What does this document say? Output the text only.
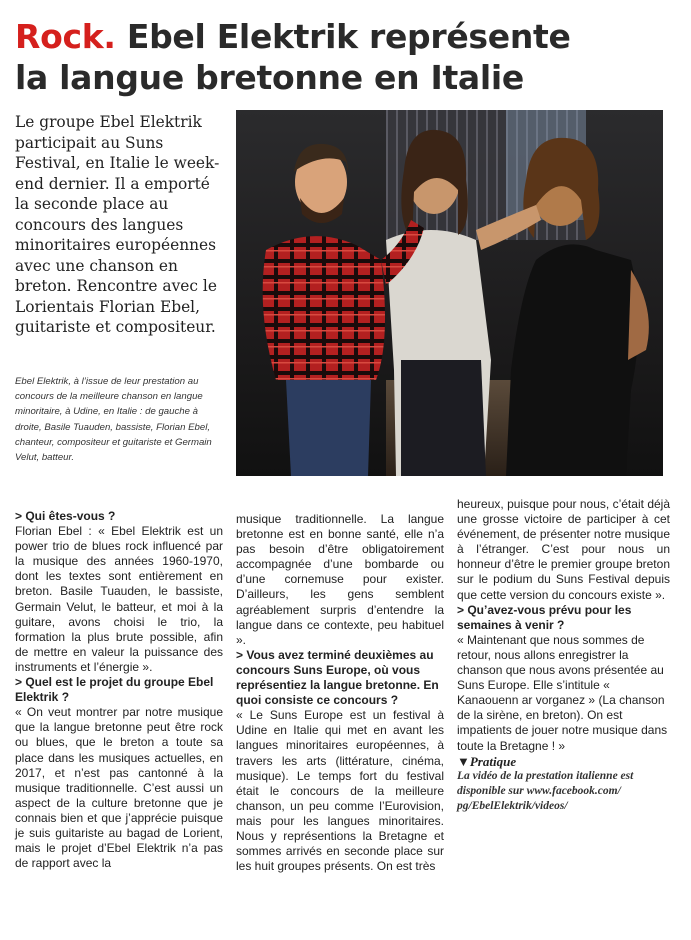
Rock. Ebel Elektrik représente
la langue bretonne en Italie
Le groupe Ebel Elektrik participait au Suns Festival, en Italie le week-end dernier. Il a emporté la seconde place au concours des langues minoritaires européennes avec une chanson en breton. Rencontre avec le Lorientais Florian Ebel, guitariste et compositeur.
Ebel Elektrik, à l’issue de leur prestation au concours de la meilleure chanson en langue minoritaire, à Udine, en Italie : de gauche à droite, Basile Tuauden, bassiste, Florian Ebel, chanteur, compositeur et guitariste et Germain Velut, batteur.

> Qui êtes-vous ?

Florian Ebel : « Ebel Elektrik est un power trio de blues rock influencé par la musique des années 1960-1970, dont les textes sont entièrement en breton. Basile Tuauden, le bassiste, Germain Velut, le batteur, et moi à la guitare, avons choisi le trio, la formation la plus brute possible, afin de mettre en valeur la puissance des instruments et l’énergie ».

> Quel est le projet du groupe Ebel Elektrik ?

« On veut montrer par notre musique que la langue bretonne peut être rock ou blues, que le breton a toute sa place dans les musiques actuelles, en 2017, et n’est pas cantonné à la musique traditionnelle. C’est aussi un aspect de la culture bretonne que je connais bien et que j’apprécie puisque je suis guitariste au bagad de Lorient, mais le projet d’Ebel Elektrik n’a pas de rapport avec la

musique traditionnelle. La langue bretonne est en bonne santé, elle n’a pas besoin d’être obligatoirement accompagnée d’une bombarde ou d’une cornemuse pour exister. D’ailleurs, les gens semblent agréablement surpris d’entendre la langue dans ce contexte, peu habituel ».

> Vous avez terminé deuxièmes au concours Suns Europe, où vous représentiez la langue bretonne. En quoi consiste ce concours ?

« Le Suns Europe est un festival à Udine en Italie qui met en avant les langues minoritaires européennes, à travers les arts (littérature, cinéma, musique). Le temps fort du festival était le concours de la meilleure chanson, un peu comme l’Eurovision, mais pour les langues minoritaires. Nous y représentions la Bretagne et sommes arrivés en seconde place sur les huit groupes présents. On est très

heureux, puisque pour nous, c’était déjà une grosse victoire de participer à cet événement, de présenter notre musique à l’étranger. C’est pour nous un honneur d’être le premier groupe breton sur le podium du Suns Festival depuis que cette version du concours existe ».

> Qu’avez-vous prévu pour les semaines à venir ?

« Maintenant que nous sommes de retour, nous allons enregistrer la chanson que nous avons présentée au Suns Europe. Elle s’intitule « Kanaouenn ar vorganez » (La chanson de la sirène, en breton). On est impatients de jouer notre musique dans toute la Bretagne ! »

▼Pratique

La vidéo de la prestation italienne est disponible sur www.facebook.com/ pg/EbelElektrik/videos/
